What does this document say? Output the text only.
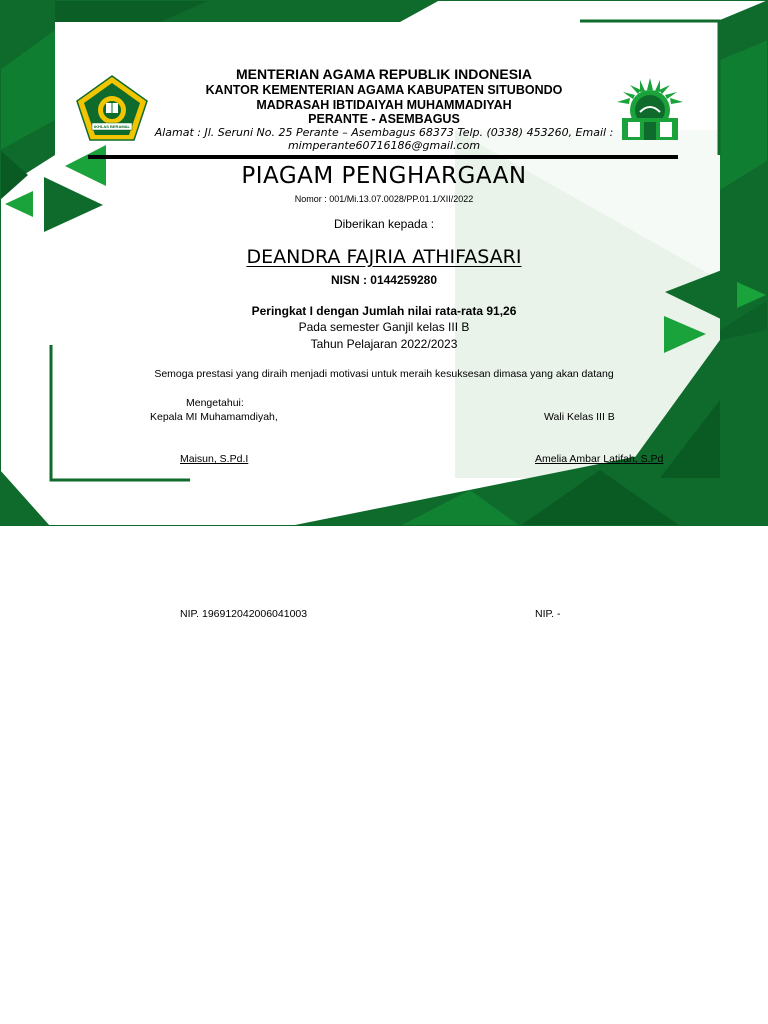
IKHLAS BERAMAL
MENTERIAN AGAMA REPUBLIK INDONESIA
KANTOR KEMENTERIAN AGAMA KABUPATEN SITUBONDO
MADRASAH IBTIDAIYAH MUHAMMADIYAH
PERANTE - ASEMBAGUS
Alamat : Jl. Seruni No. 25 Perante – Asembagus 68373 Telp. (0338) 453260, Email :
mimperante60716186@gmail.com
PIAGAM PENGHARGAAN
Nomor : 001/Mi.13.07.0028/PP.01.1/XII/2022
Diberikan kepada :
DEANDRA FAJRIA ATHIFASARI
NISN : 0144259280
Peringkat I dengan Jumlah nilai rata-rata 91,26
Pada semester Ganjil kelas III B
Tahun Pelajaran 2022/2023
Semoga prestasi yang diraih menjadi motivasi untuk meraih kesuksesan dimasa yang akan datang
Mengetahui:
Kepala MI Muhamamdiyah,	Wali Kelas III B
Maisun, S.Pd.I	Amelia Ambar Latifah, S.Pd
NIP. 196912042006041003	NIP. -
